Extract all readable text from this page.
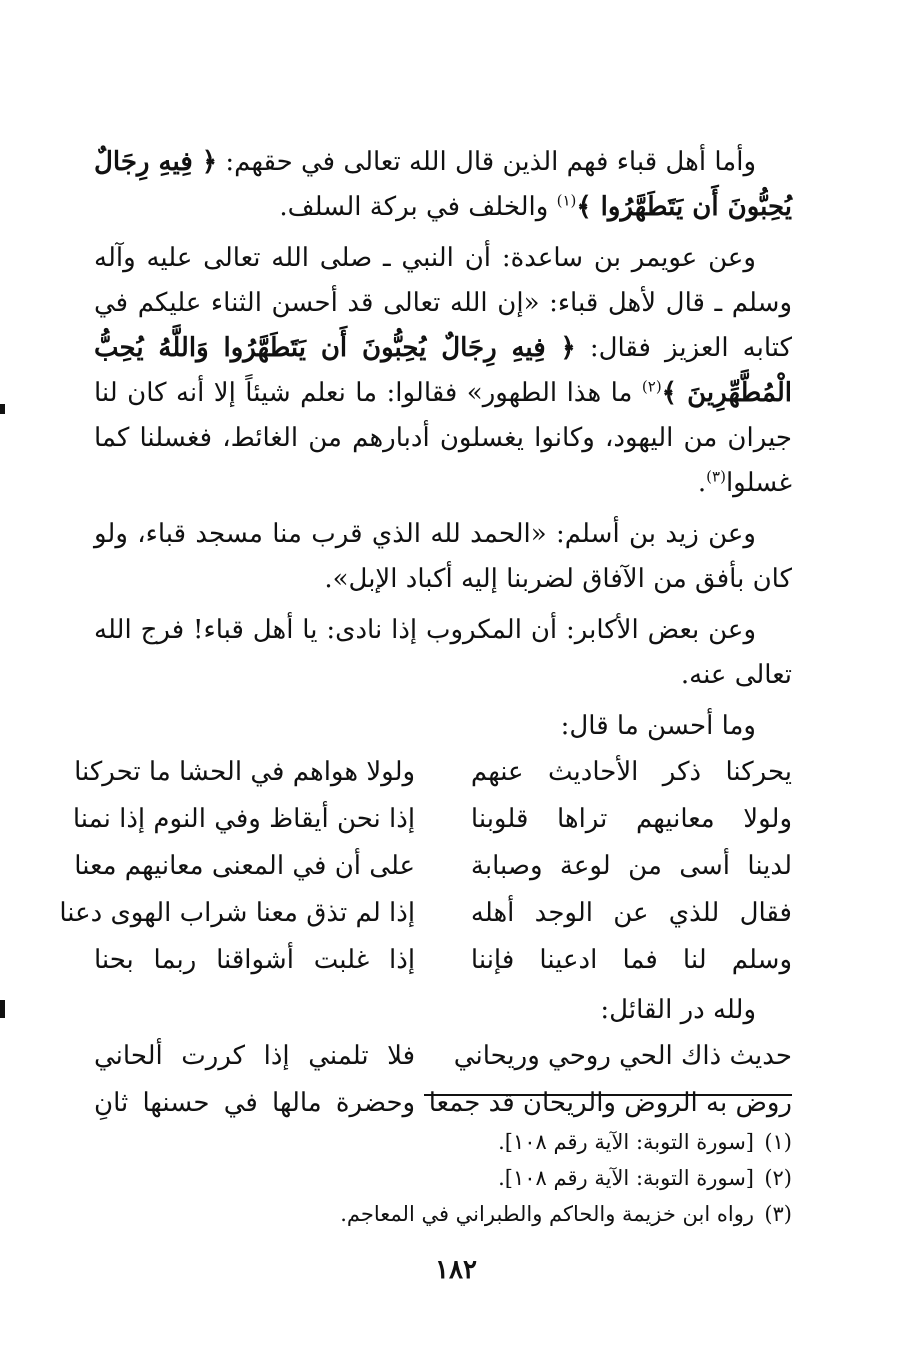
وأما أهل قباء فهم الذين قال الله تعالى في حقهم: ﴿ فِيهِ رِجَالٌ يُحِبُّونَ أَن يَتَطَهَّرُوا ﴾$^{(١)}$ والخلف في بركة السلف.

وعن عويمر بن ساعدة: أن النبي ـ صلى الله تعالى عليه وآله وسلم ـ قال لأهل قباء: «إن الله تعالى قد أحسن الثناء عليكم في كتابه العزيز فقال: ﴿ فِيهِ رِجَالٌ يُحِبُّونَ أَن يَتَطَهَّرُوا وَاللَّهُ يُحِبُّ الْمُطَّهِّرِينَ ﴾$^{(٢)}$ ما هذا الطهور» فقالوا: ما نعلم شيئاً إلا أنه كان لنا جيران من اليهود، وكانوا يغسلون أدبارهم من الغائط، فغسلنا كما غسلوا$^{(٣)}$.

وعن زيد بن أسلم: «الحمد لله الذي قرب منا مسجد قباء، ولو كان بأفق من الآفاق لضربنا إليه أكباد الإبل».

وعن بعض الأكابر: أن المكروب إذا نادى: يا أهل قباء! فرج الله تعالى عنه.

وما أحسن ما قال:

يحركنا ذكر الأحاديث عنهم
ولولا هواهم في الحشا ما تحركنا
ولولا معانيهم تراها قلوبنا
إذا نحن أيقاظ وفي النوم إذا نمنا
لدينا أسى من لوعة وصبابة
على أن في المعنى معانيهم معنا
فقال للذي عن الوجد أهله
إذا لم تذق معنا شراب الهوى دعنا
وسلم لنا فما ادعينا فإننا
إذا غلبت أشواقنا ربما بحنا

ولله در القائل:

حديث ذاك الحي روحي وريحاني
فلا تلمني إذا كررت ألحاني
روض به الروض والريحان قد جمعا
وحضرة مالها في حسنها ثانِ

(١)[سورة التوبة: الآية رقم ١٠٨].

(٢)[سورة التوبة: الآية رقم ١٠٨].

(٣)رواه ابن خزيمة والحاكم والطبراني في المعاجم.

١٨٢
